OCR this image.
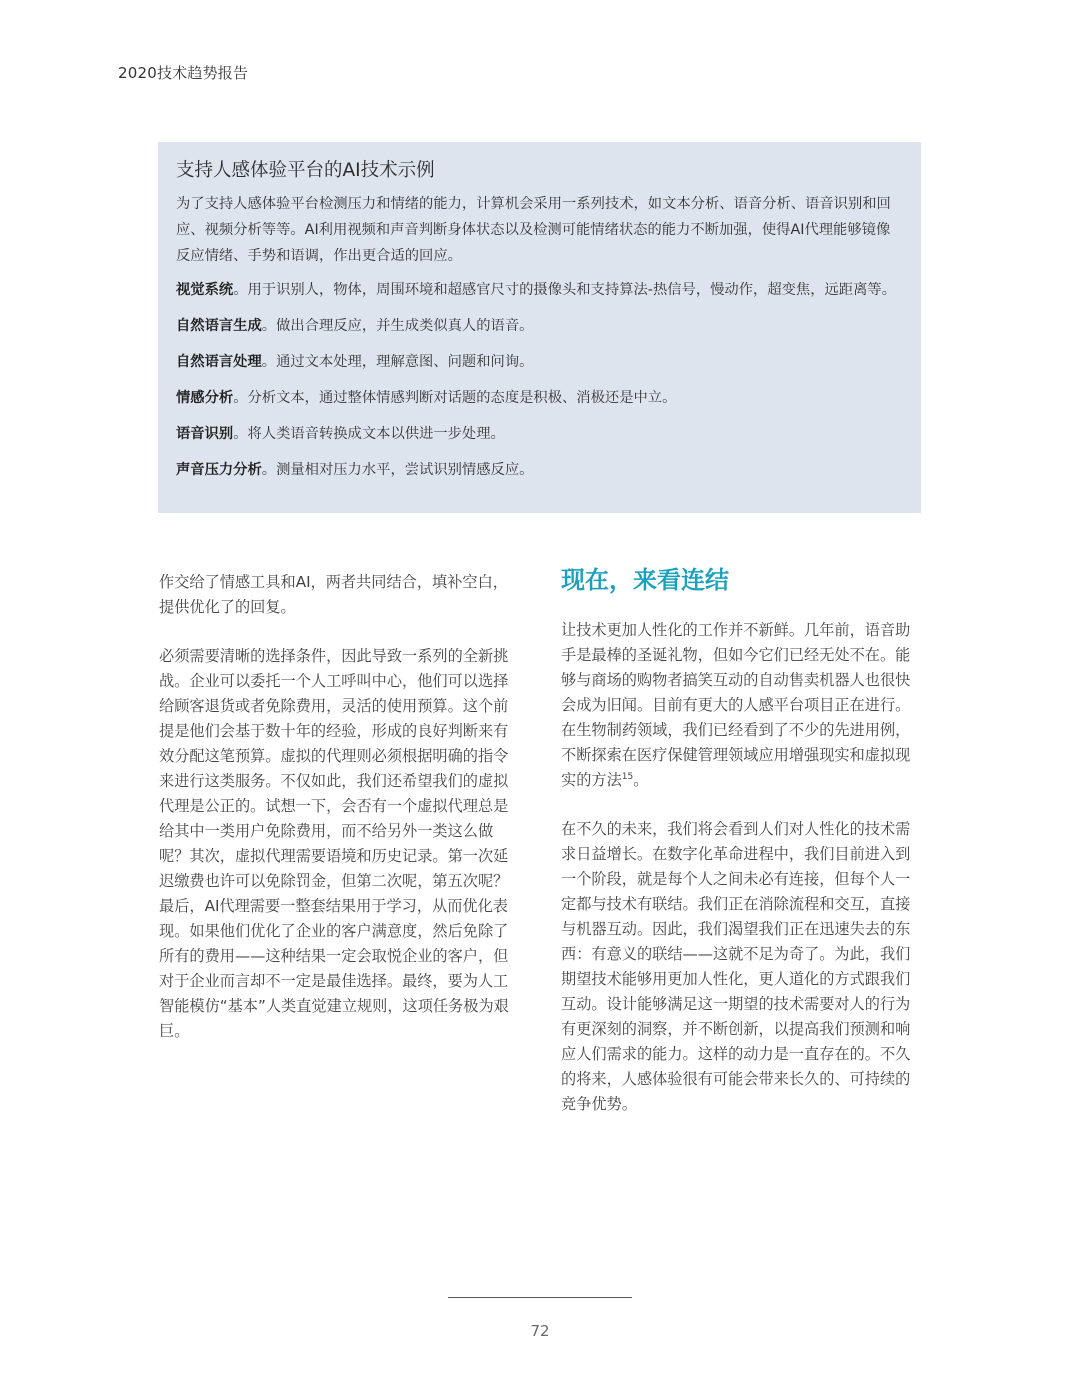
2020技术趋势报告
支持人感体验平台的AI技术示例
为了支持人感体验平台检测压力和情绪的能力，计算机会采用一系列技术，如文本分析、语音分析、语音识别和回应、视频分析等等。AI利用视频和声音判断身体状态以及检测可能情绪状态的能力不断加强，使得AI代理能够镜像反应情绪、手势和语调，作出更合适的回应。
视觉系统。用于识别人，物体，周围环境和超感官尺寸的摄像头和支持算法-热信号，慢动作，超变焦，远距离等。
自然语言生成。做出合理反应，并生成类似真人的语音。
自然语言处理。通过文本处理，理解意图、问题和问询。
情感分析。分析文本，通过整体情感判断对话题的态度是积极、消极还是中立。
语音识别。将人类语音转换成文本以供进一步处理。
声音压力分析。测量相对压力水平，尝试识别情感反应。

作交给了情感工具和AI，两者共同结合，填补空白，提供优化了的回复。

必须需要清晰的选择条件，因此导致一系列的全新挑战。企业可以委托一个人工呼叫中心，他们可以选择给顾客退货或者免除费用，灵活的使用预算。这个前提是他们会基于数十年的经验，形成的良好判断来有效分配这笔预算。虚拟的代理则必须根据明确的指令来进行这类服务。不仅如此，我们还希望我们的虚拟代理是公正的。试想一下，会否有一个虚拟代理总是给其中一类用户免除费用，而不给另外一类这么做呢？其次，虚拟代理需要语境和历史记录。第一次延迟缴费也许可以免除罚金，但第二次呢，第五次呢？最后，AI代理需要一整套结果用于学习，从而优化表现。如果他们优化了企业的客户满意度，然后免除了所有的费用——这种结果一定会取悦企业的客户，但对于企业而言却不一定是最佳选择。最终，要为人工智能模仿“基本”人类直觉建立规则，这项任务极为艰巨。

现在，来看连结

让技术更加人性化的工作并不新鲜。几年前，语音助手是最棒的圣诞礼物，但如今它们已经无处不在。能够与商场的购物者搞笑互动的自动售卖机器人也很快会成为旧闻。目前有更大的人感平台项目正在进行。在生物制药领域，我们已经看到了不少的先进用例，不断探索在医疗保健管理领域应用增强现实和虚拟现实的方法$^{15}$。

在不久的未来，我们将会看到人们对人性化的技术需求日益增长。在数字化革命进程中，我们目前进入到一个阶段，就是每个人之间未必有连接，但每个人一定都与技术有联结。我们正在消除流程和交互，直接与机器互动。因此，我们渴望我们正在迅速失去的东西：有意义的联结——这就不足为奇了。为此，我们期望技术能够用更加人性化，更人道化的方式跟我们互动。设计能够满足这一期望的技术需要对人的行为有更深刻的洞察，并不断创新，以提高我们预测和响应人们需求的能力。这样的动力是一直存在的。不久的将来，人感体验很有可能会带来长久的、可持续的竞争优势。

72
